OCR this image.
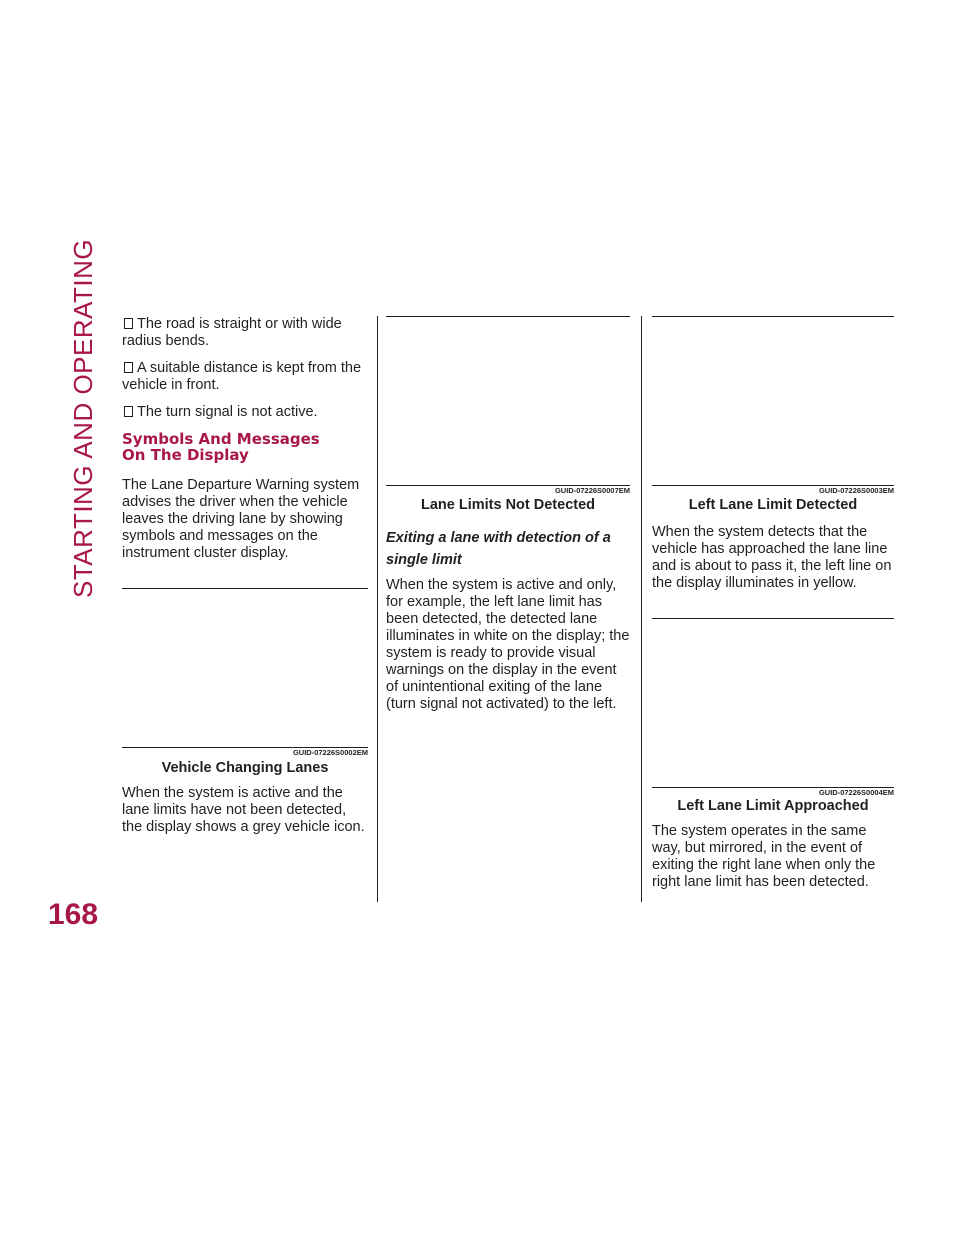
STARTING AND OPERATING
168
The road is straight or with wide radius bends.
A suitable distance is kept from the vehicle in front.
The turn signal is not active.
Symbols And Messages
On The Display

The Lane Departure Warning system advises the driver when the vehicle leaves the driving lane by showing symbols and messages on the instrument cluster display.

GUID-07226S0002EM
Vehicle Changing Lanes

When the system is active and the lane limits have not been detected, the display shows a grey vehicle icon.

GUID-07226S0007EM
Lane Limits Not Detected
Exiting a lane with detection of a
single limit

When the system is active and only, for example, the left lane limit has been detected, the detected lane illuminates in white on the display; the system is ready to provide visual warnings on the display in the event of unintentional exiting of the lane (turn signal not activated) to the left.

GUID-07226S0003EM
Left Lane Limit Detected

When the system detects that the vehicle has approached the lane line and is about to pass it, the left line on the display illuminates in yellow.

GUID-07226S0004EM
Left Lane Limit Approached

The system operates in the same way, but mirrored, in the event of exiting the right lane when only the right lane limit has been detected.
